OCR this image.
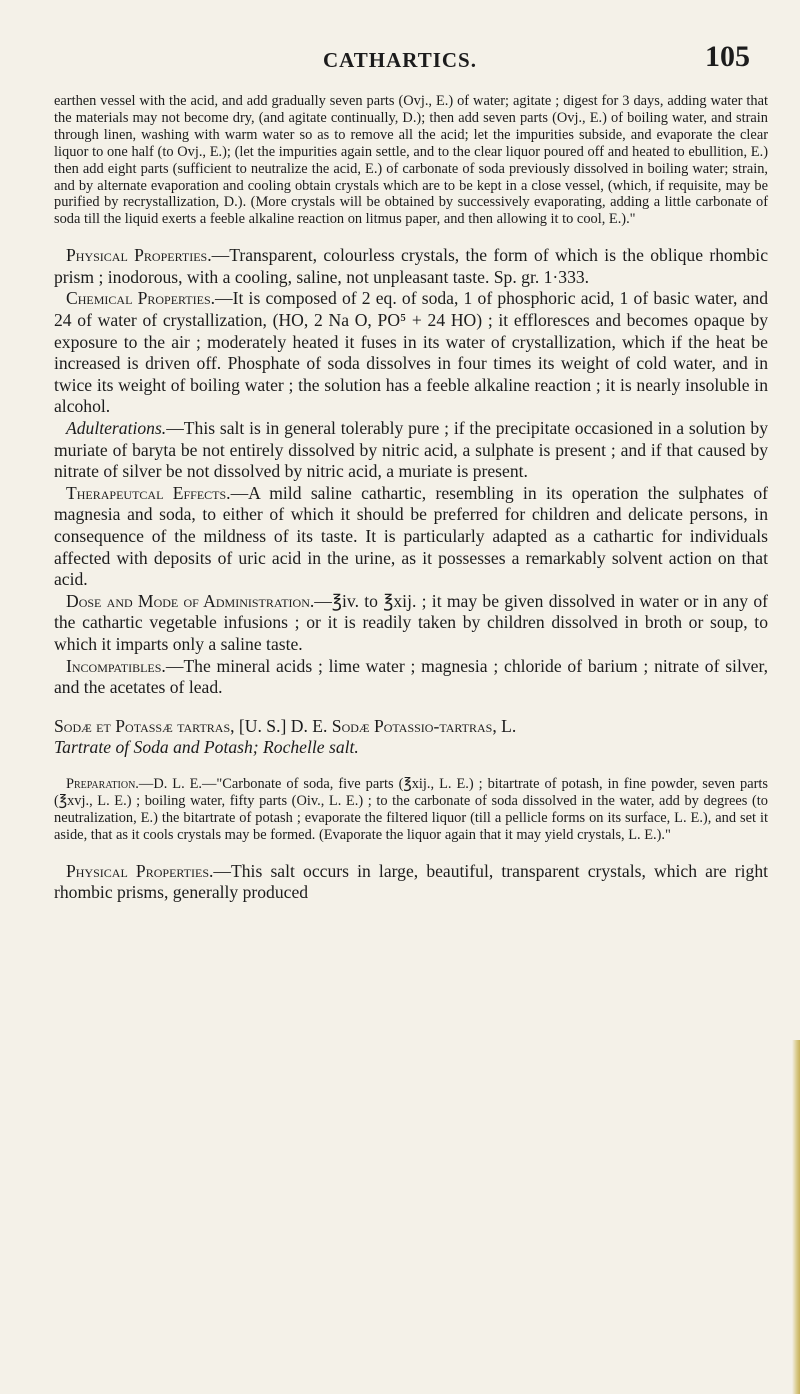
CATHARTICS.	105

earthen vessel with the acid, and add gradually seven parts (Ovj., E.) of water; agitate ; digest for 3 days, adding water that the materials may not become dry, (and agitate continually, D.); then add seven parts (Ovj., E.) of boiling water, and strain through linen, washing with warm water so as to remove all the acid; let the impurities subside, and evaporate the clear liquor to one half (to Ovj., E.); (let the impurities again settle, and to the clear liquor poured off and heated to ebullition, E.) then add eight parts (sufficient to neutralize the acid, E.) of carbonate of soda previously dissolved in boiling water; strain, and by alternate evaporation and cooling obtain crystals which are to be kept in a close vessel, (which, if requisite, may be purified by recrystallization, D.). (More crystals will be obtained by successively evaporating, adding a little carbonate of soda till the liquid exerts a feeble alkaline reaction on litmus paper, and then allowing it to cool, E.)."

Physical Properties.—Transparent, colourless crystals, the form of which is the oblique rhombic prism ; inodorous, with a cooling, saline, not unpleasant taste. Sp. gr. 1·333.

Chemical Properties.—It is composed of 2 eq. of soda, 1 of phosphoric acid, 1 of basic water, and 24 of water of crystallization, (HO, 2 Na O, PO⁵ + 24 HO) ; it effloresces and becomes opaque by exposure to the air ; moderately heated it fuses in its water of crystallization, which if the heat be increased is driven off. Phosphate of soda dissolves in four times its weight of cold water, and in twice its weight of boiling water ; the solution has a feeble alkaline reaction ; it is nearly insoluble in alcohol.

Adulterations.—This salt is in general tolerably pure ; if the precipitate occasioned in a solution by muriate of baryta be not entirely dissolved by nitric acid, a sulphate is present ; and if that caused by nitrate of silver be not dissolved by nitric acid, a muriate is present.

Therapeutcal Effects.—A mild saline cathartic, resembling in its operation the sulphates of magnesia and soda, to either of which it should be preferred for children and delicate persons, in consequence of the mildness of its taste. It is particularly adapted as a cathartic for individuals affected with deposits of uric acid in the urine, as it possesses a remarkably solvent action on that acid.

Dose and Mode of Administration.—℥iv. to ℥xij. ; it may be given dissolved in water or in any of the cathartic vegetable infusions ; or it is readily taken by children dissolved in broth or soup, to which it imparts only a saline taste.

Incompatibles.—The mineral acids ; lime water ; magnesia ; chloride of barium ; nitrate of silver, and the acetates of lead.

Sodæ et Potassæ tartras, [U. S.] D. E. Sodæ Potassio-tartras, L.

Tartrate of Soda and Potash; Rochelle salt.

Preparation.—D. L. E.—"Carbonate of soda, five parts (℥xij., L. E.) ; bitartrate of potash, in fine powder, seven parts (℥xvj., L. E.) ; boiling water, fifty parts (Oiv., L. E.) ; to the carbonate of soda dissolved in the water, add by degrees (to neutralization, E.) the bitartrate of potash ; evaporate the filtered liquor (till a pellicle forms on its surface, L. E.), and set it aside, that as it cools crystals may be formed. (Evaporate the liquor again that it may yield crystals, L. E.)."

Physical Properties.—This salt occurs in large, beautiful, transparent crystals, which are right rhombic prisms, generally produced
